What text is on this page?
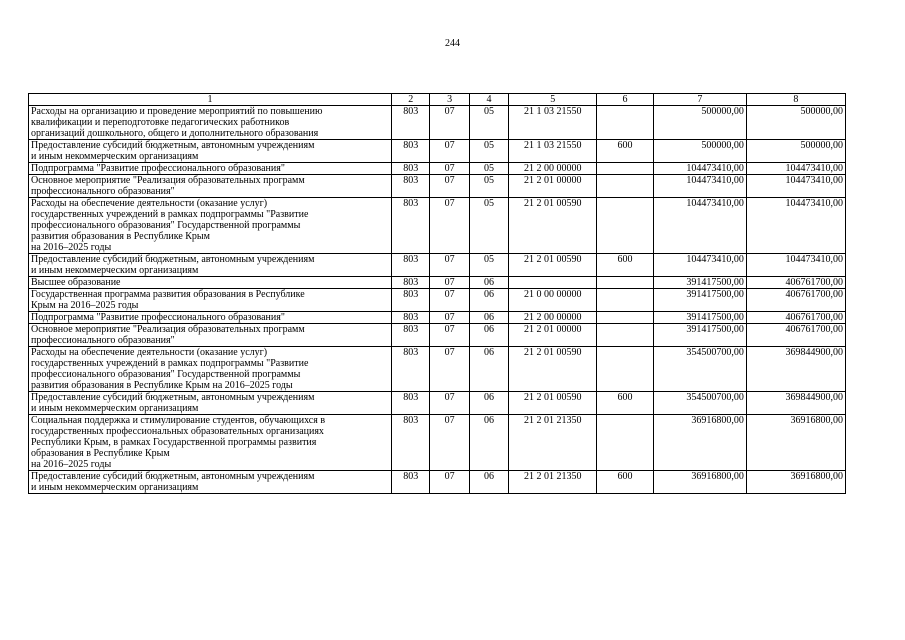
244
1	2	3	4	5	6	7	8
Расходы на организацию и проведение мероприятий по повышению
квалификации и переподготовке педагогических работников
организаций дошкольного, общего и дополнительного образования	803	07	05	21 1 03 21550		500000,00	500000,00
Предоставление субсидий бюджетным, автономным учреждениям
и иным некоммерческим организациям	803	07	05	21 1 03 21550	600	500000,00	500000,00
Подпрограмма "Развитие профессионального образования"	803	07	05	21 2 00 00000		104473410,00	104473410,00
Основное мероприятие "Реализация образовательных программ
профессионального образования"	803	07	05	21 2 01 00000		104473410,00	104473410,00
Расходы на обеспечение деятельности (оказание услуг)
государственных учреждений в рамках подпрограммы "Развитие
профессионального образования" Государственной программы
развития образования в Республике Крым
на 2016–2025 годы	803	07	05	21 2 01 00590		104473410,00	104473410,00
Предоставление субсидий бюджетным, автономным учреждениям
и иным некоммерческим организациям	803	07	05	21 2 01 00590	600	104473410,00	104473410,00
Высшее образование	803	07	06			391417500,00	406761700,00
Государственная программа развития образования в Республике
Крым на 2016–2025 годы	803	07	06	21 0 00 00000		391417500,00	406761700,00
Подпрограмма "Развитие профессионального образования"	803	07	06	21 2 00 00000		391417500,00	406761700,00
Основное мероприятие "Реализация образовательных программ
профессионального образования"	803	07	06	21 2 01 00000		391417500,00	406761700,00
Расходы на обеспечение деятельности (оказание услуг)
государственных учреждений в рамках подпрограммы "Развитие
профессионального образования" Государственной программы
развития образования в Республике Крым на 2016–2025 годы	803	07	06	21 2 01 00590		354500700,00	369844900,00
Предоставление субсидий бюджетным, автономным учреждениям
и иным некоммерческим организациям	803	07	06	21 2 01 00590	600	354500700,00	369844900,00
Социальная поддержка и стимулирование студентов, обучающихся в
государственных профессиональных образовательных организациях
Республики Крым, в рамках Государственной программы развития
образования в Республике Крым
на 2016–2025 годы	803	07	06	21 2 01 21350		36916800,00	36916800,00
Предоставление субсидий бюджетным, автономным учреждениям
и иным некоммерческим организациям	803	07	06	21 2 01 21350	600	36916800,00	36916800,00
